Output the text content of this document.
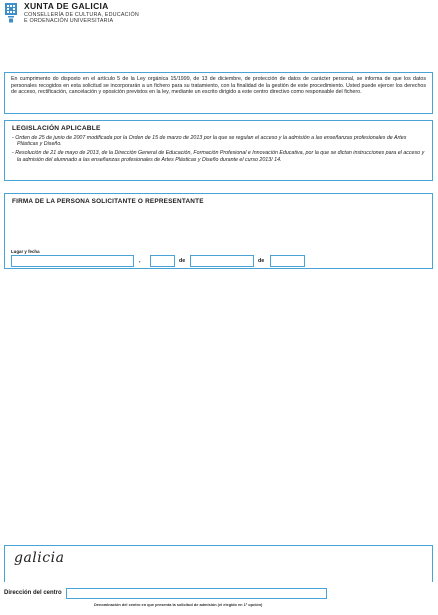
XUNTA DE GALICIA
CONSELLERÍA DE CULTURA, EDUCACIÓN
E ORDENACIÓN UNIVERSITARIA

En cumprimento do disposto en el artículo 5 de la Ley orgánica 15/1999, de 13 de diciembre, de protección de datos de carácter personal, se informa de que los datos personales recogidos en esta solicitud se incorporarán a un fichero para su tratamiento, con la finalidad de la gestión de este procedimiento. Usted puede ejercer los derechos de acceso, rectificación, cancelación y oposición previstos en la ley, mediante un escrito dirigido a este centro directivo como responsable del fichero.

LEGISLACIÓN APLICABLE
- Orden de 25 de junio de 2007 modificada por la Orden de 15 de marzo de 2013 por la que se regulan el acceso y la admisión a las enseñanzas profesionales de Artes Plásticas y Diseño.
- Resolución de 21 de mayo de 2013, de la Dirección General de Educación, Formación Profesional e Innovación Educativa, por la que se dictan instrucciones para el acceso y la admisión del alumnado a las enseñanzas profesionales de Artes Plásticas y Diseño durante el curso 2013/ 14.
FIRMA DE LA PERSONA SOLICITANTE O REPRESENTANTE
Lugar y fecha
,	de	de
galicia
Dirección del centro
Denominación del centro en que presenta la solicitud de admisión (el elegido en 1ª opción)
